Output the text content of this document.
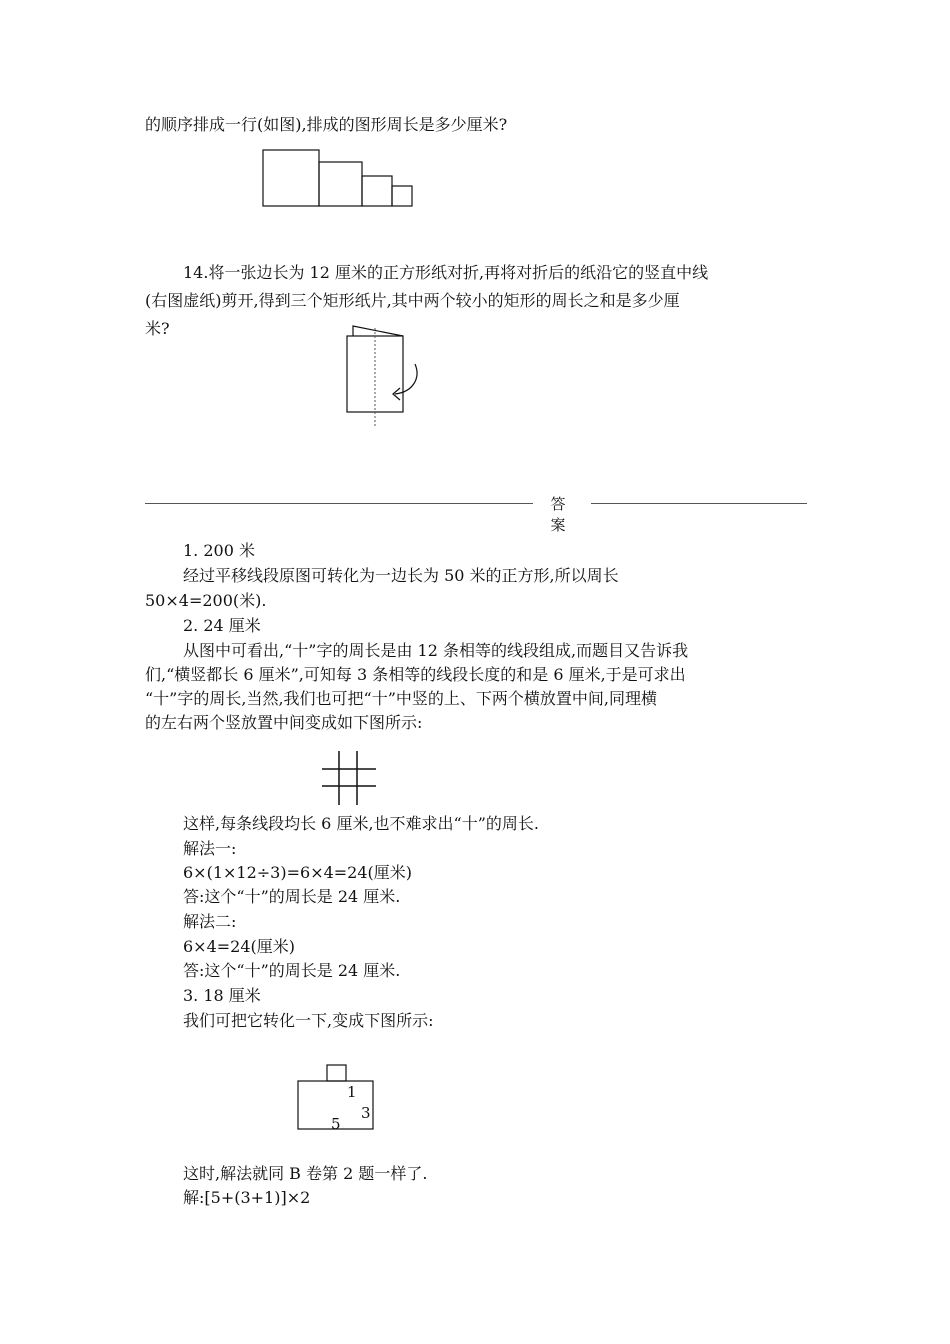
的顺序排成一行(如图),排成的图形周长是多少厘米?
14.将一张边长为 12 厘米的正方形纸对折,再将对折后的纸沿它的竖直中线
(右图虚纸)剪开,得到三个矩形纸片,其中两个较小的矩形的周长之和是多少厘
米?
答 案
1. 200 米
经过平移线段原图可转化为一边长为 50 米的正方形,所以周长
50×4=200(米).
2. 24 厘米
从图中可看出,“十”字的周长是由 12 条相等的线段组成,而题目又告诉我
们,“横竖都长 6 厘米”,可知每 3 条相等的线段长度的和是 6 厘米,于是可求出
“十”字的周长,当然,我们也可把“十”中竖的上、下两个横放置中间,同理横
的左右两个竖放置中间变成如下图所示:
这样,每条线段均长 6 厘米,也不难求出“十”的周长.
解法一:
6×(1×12÷3)=6×4=24(厘米)
答:这个“十”的周长是 24 厘米.
解法二:
6×4=24(厘米)
答:这个“十”的周长是 24 厘米.
3. 18 厘米
我们可把它转化一下,变成下图所示:
1
3
5
这时,解法就同 B 卷第 2 题一样了.
解:[5+(3+1)]×2
